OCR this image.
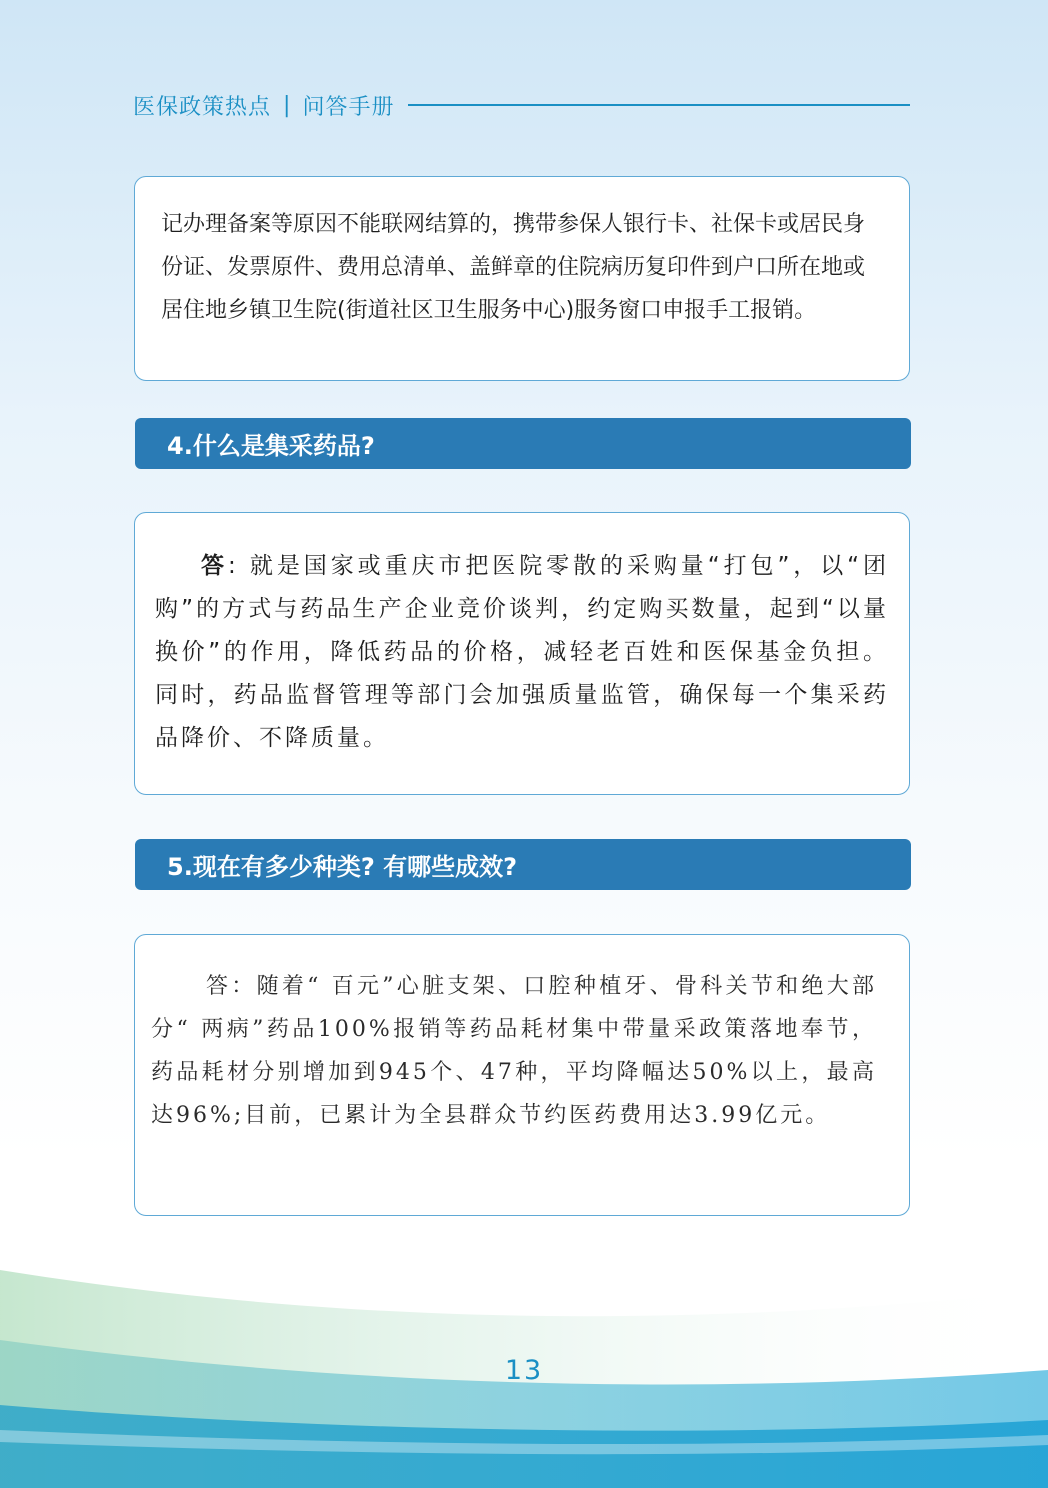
医保政策热点 | 问答手册
记办理备案等原因不能联网结算的，携带参保人银行卡、社保卡或居民身份证、发票原件、费用总清单、盖鲜章的住院病历复印件到户口所在地或居住地乡镇卫生院(街道社区卫生服务中心)服务窗口申报手工报销。
4.什么是集采药品?
答: 就是国家或重庆市把医院零散的采购量“打包”，以“团购”的方式与药品生产企业竞价谈判，约定购买数量，起到“以量换价”的作用，降低药品的价格，减轻老百姓和医保基金负担。同时，药品监督管理等部门会加强质量监管，确保每一个集采药品降价、不降质量。
5.现在有多少种类? 有哪些成效?
答：随着“ 百元”心脏支架、口腔种植牙、骨科关节和绝大部分“ 两病”药品100%报销等药品耗材集中带量采政策落地奉节，药品耗材分别增加到945个、47种，平均降幅达50%以上，最高达96%;目前，已累计为全县群众节约医药费用达3.99亿元。
13
